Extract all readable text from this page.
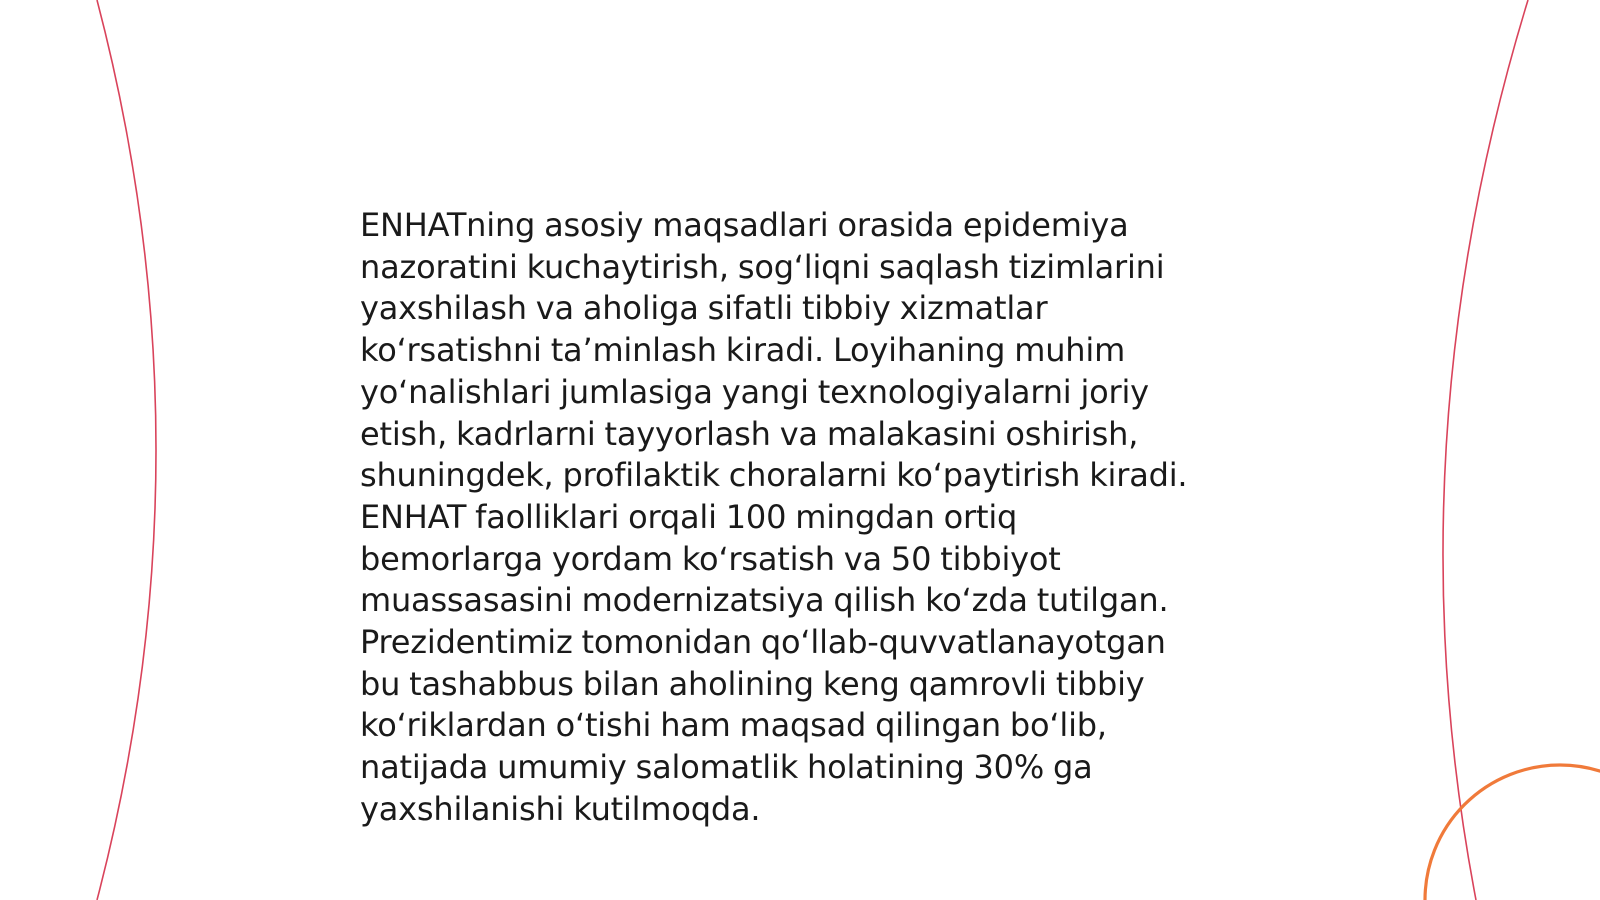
ENHATning asosiy maqsadlari orasida epidemiya
nazoratini kuchaytirish, sog‘liqni saqlash tizimlarini
yaxshilash va aholiga sifatli tibbiy xizmatlar
ko‘rsatishni ta’minlash kiradi. Loyihaning muhim
yo‘nalishlari jumlasiga yangi texnologiyalarni joriy
etish, kadrlarni tayyorlash va malakasini oshirish,
shuningdek, profilaktik choralarni ko‘paytirish kiradi.
ENHAT faolliklari orqali 100 mingdan ortiq
bemorlarga yordam ko‘rsatish va 50 tibbiyot
muassasasini modernizatsiya qilish ko‘zda tutilgan.
Prezidentimiz tomonidan qo‘llab-quvvatlanayotgan
bu tashabbus bilan aholining keng qamrovli tibbiy
ko‘riklardan o‘tishi ham maqsad qilingan bo‘lib,
natijada umumiy salomatlik holatining 30% ga
yaxshilanishi kutilmoqda.
